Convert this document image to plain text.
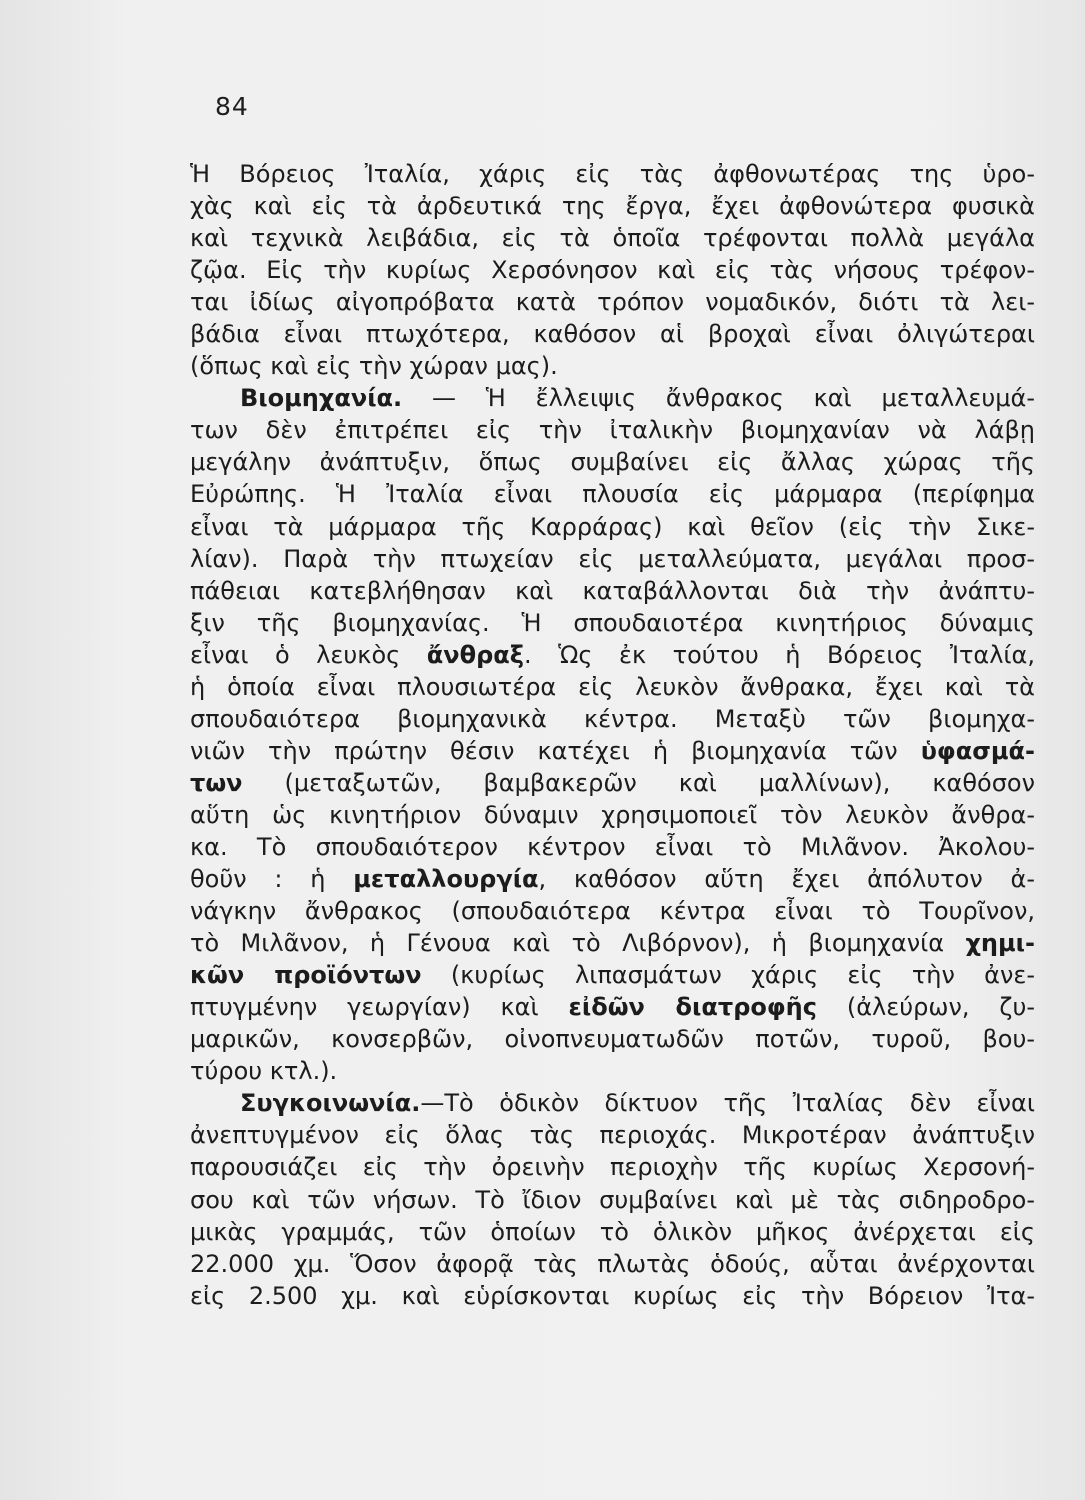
84
Ἡ Βόρειος Ἰταλία, χάρις εἰς τὰς ἀφθονωτέρας της ὑρο-
χὰς καὶ εἰς τὰ ἀρδευτικά της ἔργα, ἔχει ἀφθονώτερα φυσικὰ
καὶ τεχνικὰ λειβάδια, εἰς τὰ ὁποῖα τρέφονται πολλὰ μεγάλα
ζῷα. Εἰς τὴν κυρίως Χερσόνησον καὶ εἰς τὰς νήσους τρέφον-
ται ἰδίως αἰγοπρόβατα κατὰ τρόπον νομαδικόν, διότι τὰ λει-
βάδια εἶναι πτωχότερα, καθόσον αἱ βροχαὶ εἶναι ὀλιγώτεραι
(ὅπως καὶ εἰς τὴν χώραν μας).
Βιομηχανία. — Ἡ ἔλλειψις ἄνθρακος καὶ μεταλλευμά-
των δὲν ἐπιτρέπει εἰς τὴν ἰταλικὴν βιομηχανίαν νὰ λάβῃ
μεγάλην ἀνάπτυξιν, ὅπως συμβαίνει εἰς ἄλλας χώρας τῆς
Εὐρώπης. Ἡ Ἰταλία εἶναι πλουσία εἰς μάρμαρα (περίφημα
εἶναι τὰ μάρμαρα τῆς Καρράρας) καὶ θεῖον (εἰς τὴν Σικε-
λίαν). Παρὰ τὴν πτωχείαν εἰς μεταλλεύματα, μεγάλαι προσ-
πάθειαι κατεβλήθησαν καὶ καταβάλλονται διὰ τὴν ἀνάπτυ-
ξιν τῆς βιομηχανίας. Ἡ σπουδαιοτέρα κινητήριος δύναμις
εἶναι ὁ λευκὸς ἄνθραξ. Ὡς ἐκ τούτου ἡ Βόρειος Ἰταλία,
ἡ ὁποία εἶναι πλουσιωτέρα εἰς λευκὸν ἄνθρακα, ἔχει καὶ τὰ
σπουδαιότερα βιομηχανικὰ κέντρα. Μεταξὺ τῶν βιομηχα-
νιῶν τὴν πρώτην θέσιν κατέχει ἡ βιομηχανία τῶν ὑφασμά-
των (μεταξωτῶν, βαμβακερῶν καὶ μαλλίνων), καθόσον
αὕτη ὡς κινητήριον δύναμιν χρησιμοποιεῖ τὸν λευκὸν ἄνθρα-
κα. Τὸ σπουδαιότερον κέντρον εἶναι τὸ Μιλᾶνον. Ἀκολου-
θοῦν : ἡ μεταλλουργία, καθόσον αὕτη ἔχει ἀπόλυτον ἀ-
νάγκην ἄνθρακος (σπουδαιότερα κέντρα εἶναι τὸ Τουρῖνον,
τὸ Μιλᾶνον, ἡ Γένουα καὶ τὸ Λιβόρνον), ἡ βιομηχανία χημι-
κῶν προϊόντων (κυρίως λιπασμάτων χάρις εἰς τὴν ἀνε-
πτυγμένην γεωργίαν) καὶ εἰδῶν διατροφῆς (ἀλεύρων, ζυ-
μαρικῶν, κονσερβῶν, οἰνοπνευματωδῶν ποτῶν, τυροῦ, βου-
τύρου κτλ.).
Συγκοινωνία.—Τὸ ὁδικὸν δίκτυον τῆς Ἰταλίας δὲν εἶναι
ἀνεπτυγμένον εἰς ὅλας τὰς περιοχάς. Μικροτέραν ἀνάπτυξιν
παρουσιάζει εἰς τὴν ὀρεινὴν περιοχὴν τῆς κυρίως Χερσονή-
σου καὶ τῶν νήσων. Τὸ ἴδιον συμβαίνει καὶ μὲ τὰς σιδηροδρο-
μικὰς γραμμάς, τῶν ὁποίων τὸ ὁλικὸν μῆκος ἀνέρχεται εἰς
22.000 χμ. Ὅσον ἀφορᾷ τὰς πλωτὰς ὁδούς, αὗται ἀνέρχονται
εἰς 2.500 χμ. καὶ εὑρίσκονται κυρίως εἰς τὴν Βόρειον Ἰτα-
